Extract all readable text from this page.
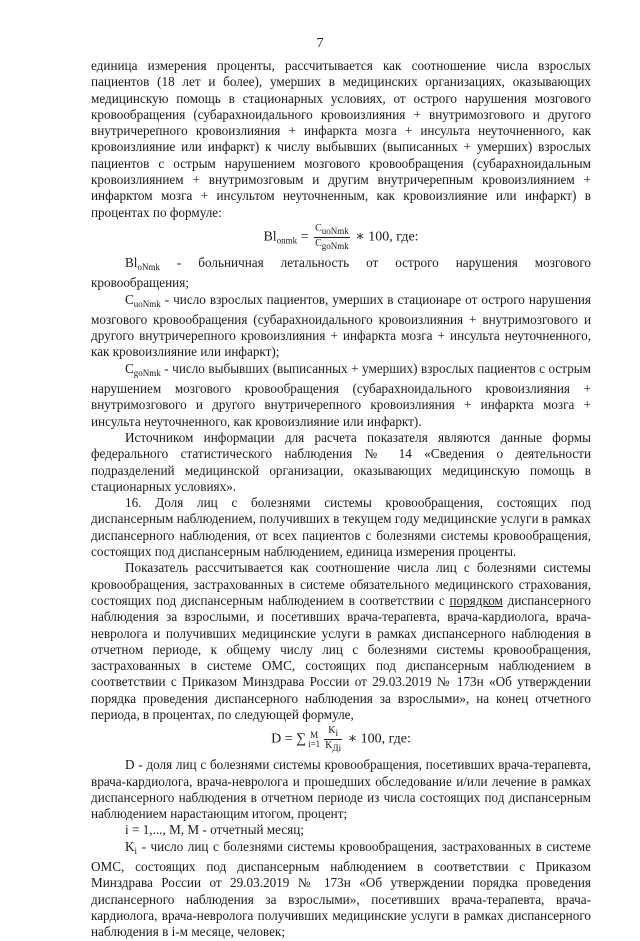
7

единица измерения проценты, рассчитывается как соотношение числа взрослых пациентов (18 лет и более), умерших в медицинских организациях, оказывающих медицинскую помощь в стационарных условиях, от острого нарушения мозгового кровообращения (субарахноидального кровоизлияния + внутримозгового и другого внутричерепного кровоизлияния + инфаркта мозга + инсульта неуточненного, как кровоизлияние или инфаркт) к числу выбывших (выписанных + умерших) взрослых пациентов с острым нарушением мозгового кровообращения (субарахноидальным кровоизлиянием + внутримозговым и другим внутричерепным кровоизлиянием + инфарктом мозга + инсультом неуточненным, как кровоизлияние или инфаркт) в процентах по формуле:

$Bl_{onmk} = \frac{\text{CuoNmk}}{\text{CgoNmk}}$ ∗ 100, где:

$Bl_{oNmk}$ - больничная летальность от острого нарушения мозгового кровообращения;

$C_{uoNmk}$ - число взрослых пациентов, умерших в стационаре от острого нарушения мозгового кровообращения (субарахноидального кровоизлияния + внутримозгового и другого внутричерепного кровоизлияния + инфаркта мозга + инсульта неуточненного, как кровоизлияние или инфаркт);

$C_{goNmk}$ - число выбывших (выписанных + умерших) взрослых пациентов с острым нарушением мозгового кровообращения (субарахноидального кровоизлияния + внутримозгового и другого внутричерепного кровоизлияния + инфаркта мозга + инсульта неуточненного, как кровоизлияние или инфаркт).

Источником информации для расчета показателя являются данные формы федерального статистического наблюдения № 14 «Сведения о деятельности подразделений медицинской организации, оказывающих медицинскую помощь в стационарных условиях».

16. Доля лиц с болезнями системы кровообращения, состоящих под диспансерным наблюдением, получивших в текущем году медицинские услуги в рамках диспансерного наблюдения, от всех пациентов с болезнями системы кровообращения, состоящих под диспансерным наблюдением, единица измерения проценты.

Показатель рассчитывается как соотношение числа лиц с болезнями системы кровообращения, застрахованных в системе обязательного медицинского страхования, состоящих под диспансерным наблюдением в соответствии с порядком диспансерного наблюдения за взрослыми, и посетивших врача-терапевта, врача-кардиолога, врача-невролога и получивших медицинские услуги в рамках диспансерного наблюдения в отчетном периоде, к общему числу лиц с болезнями системы кровообращения, застрахованных в системе ОМС, состоящих под диспансерным наблюдением в соответствии с Приказом Минздрава России от 29.03.2019 № 173н «Об утверждении порядка проведения диспансерного наблюдения за взрослыми», на конец отчетного периода, в процентах, по следующей формуле,

D = ∑ M
$i=1 \frac{Ki}{\text{KДi}}$ ∗ 100, где:

D - доля лиц с болезнями системы кровообращения, посетивших врача-терапевта, врача-кардиолога, врача-невролога и прошедших обследование и/или лечение в рамках диспансерного наблюдения в отчетном периоде из числа состоящих под диспансерным наблюдением нарастающим итогом, процент;

i = 1,..., M, M - отчетный месяц;

$K_i$ - число лиц с болезнями системы кровообращения, застрахованных в системе ОМС, состоящих под диспансерным наблюдением в соответствии с Приказом Минздрава России от 29.03.2019 № 173н «Об утверждении порядка проведения диспансерного наблюдения за взрослыми», посетивших врача-терапевта, врача-кардиолога, врача-невролога получивших медицинские услуги в рамках диспансерного наблюдения в i-м месяце, человек;
